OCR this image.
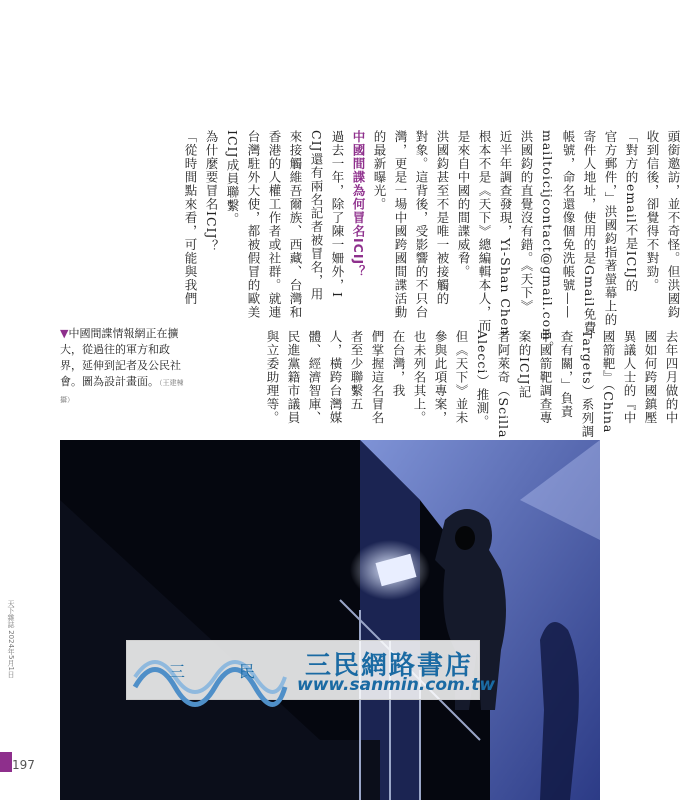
頭銜邀訪，並不奇怪。但洪國鈞

收到信後，卻覺得不對勁。

「對方的email不是ICIJ的

官方郵件，」洪國鈞指著螢幕上的

寄件人地址，使用的是Gmail免費

帳號，命名還像個免洗帳號——

mailtoicijcontact@gmail.com。

洪國鈞的直覺沒有錯。《天下》

近半年調查發現，Yi-Shan Chen

根本不是《天下》總編輯本人，而

是來自中國的間諜威脅。

洪國鈞甚至不是唯一被接觸的

對象。這背後，受影響的不只台

灣，更是一場中國跨國間諜活動

的最新曝光。

中國間諜為何冒名ICIJ？

過去一年，除了陳一姍外，I

CIJ還有兩名記者被冒名，用

來接觸維吾爾族、西藏、台灣和

香港的人權工作者或社群。就連

台灣駐外大使，都被假冒的歐美

ICIJ成員聯繫。

為什麼要冒名ICIJ？

「從時間點來看，可能與我們

去年四月做的中

國如何跨國鎮壓

異議人士的『中

國箭靶』（China

Targets）系列調

查有關，」負責

中國箭靶調查專

案的ICIJ記

者阿萊奇（Scilla

Alecci）推測。

但《天下》並未

參與此項專案，

也未列名其上。

在台灣，我

們掌握這名冒名

者至少聯繫五

人，橫跨台灣媒

體、經濟智庫、

民進黨籍市議員

與立委助理等。

▼中國間諜情報網正在擴大，從過往的軍方和政界，延伸到記者及公民社會。圖為設計畫面。（王建棟攝）
天下雜誌 2024年5月1日
197
三	民 三民網路書店
www.sanmin.com.tw
